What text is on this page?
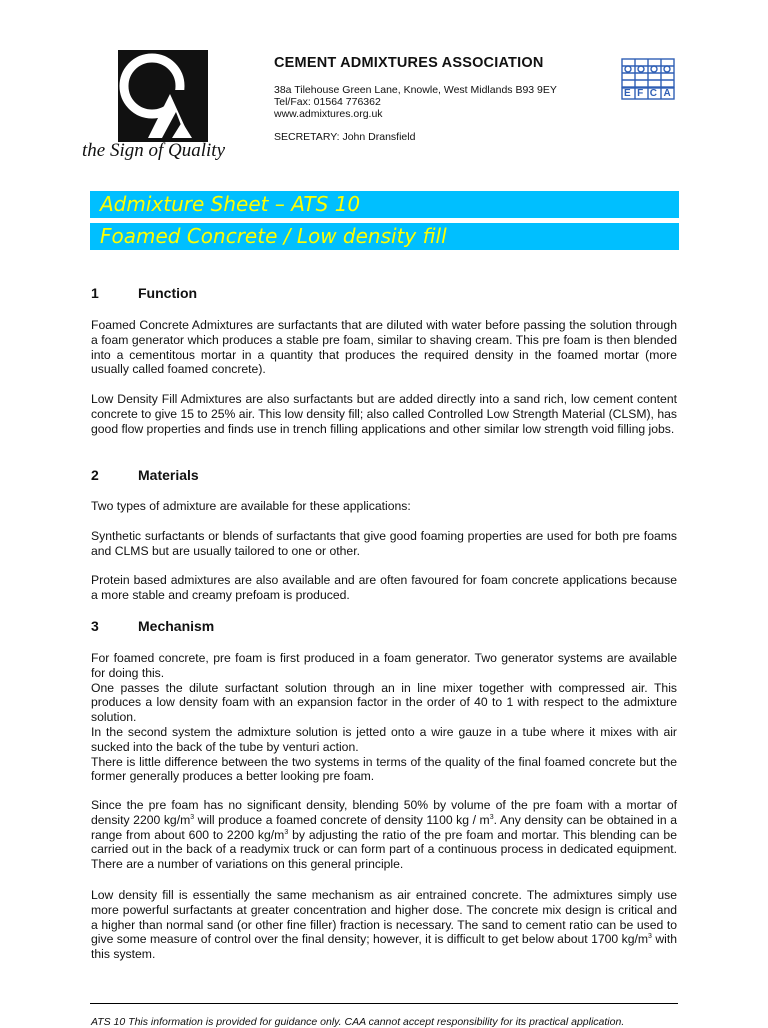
the Sign of Quality
CEMENT ADMIXTURES ASSOCIATION
38a Tilehouse Green Lane, Knowle, West Midlands B93 9EY
Tel/Fax: 01564 776362
www.admixtures.org.uk
SECRETARY: John Dransfield
EFCA
Admixture Sheet – ATS 10
Foamed Concrete / Low density fill
1	Function

Foamed Concrete Admixtures are surfactants that are diluted with water before passing the solution through a foam generator which produces a stable pre foam, similar to shaving cream. This pre foam is then blended into a cementitous mortar in a quantity that produces the required density in the foamed mortar (more usually called foamed concrete).

Low Density Fill Admixtures are also surfactants but are added directly into a sand rich, low cement content concrete to give 15 to 25% air. This low density fill; also called Controlled Low Strength Material (CLSM), has good flow properties and finds use in trench filling applications and other similar low strength void filling jobs.

2	Materials

Two types of admixture are available for these applications:

Synthetic surfactants or blends of surfactants that give good foaming properties are used for both pre foams and CLMS but are usually tailored to one or other.

Protein based admixtures are also available and are often favoured for foam concrete applications because a more stable and creamy prefoam is produced.

3	Mechanism
For foamed concrete, pre foam is first produced in a foam generator. Two generator systems are available for doing this.
One passes the dilute surfactant solution through an in line mixer together with compressed air. This produces a low density foam with an expansion factor in the order of 40 to 1 with respect to the admixture solution.
In the second system the admixture solution is jetted onto a wire gauze in a tube where it mixes with air sucked into the back of the tube by venturi action.
There is little difference between the two systems in terms of the quality of the final foamed concrete but the former generally produces a better looking pre foam.

Since the pre foam has no significant density, blending 50% by volume of the pre foam with a mortar of density 2200 $kg/m^3$ will produce a foamed concrete of density 1100 kg / $m^3$. Any density can be obtained in a range from about 600 to 2200 $kg/m^3$ by adjusting the ratio of the pre foam and mortar. This blending can be carried out in the back of a readymix truck or can form part of a continuous process in dedicated equipment. There are a number of variations on this general principle.

Low density fill is essentially the same mechanism as air entrained concrete. The admixtures simply use more powerful surfactants at greater concentration and higher dose. The concrete mix design is critical and a higher than normal sand (or other fine filler) fraction is necessary. The sand to cement ratio can be used to give some measure of control over the final density; however, it is difficult to get below about 1700 $kg/m^3$ with this system.

ATS 10 This information is provided for guidance only. CAA cannot accept responsibility for its practical application.
